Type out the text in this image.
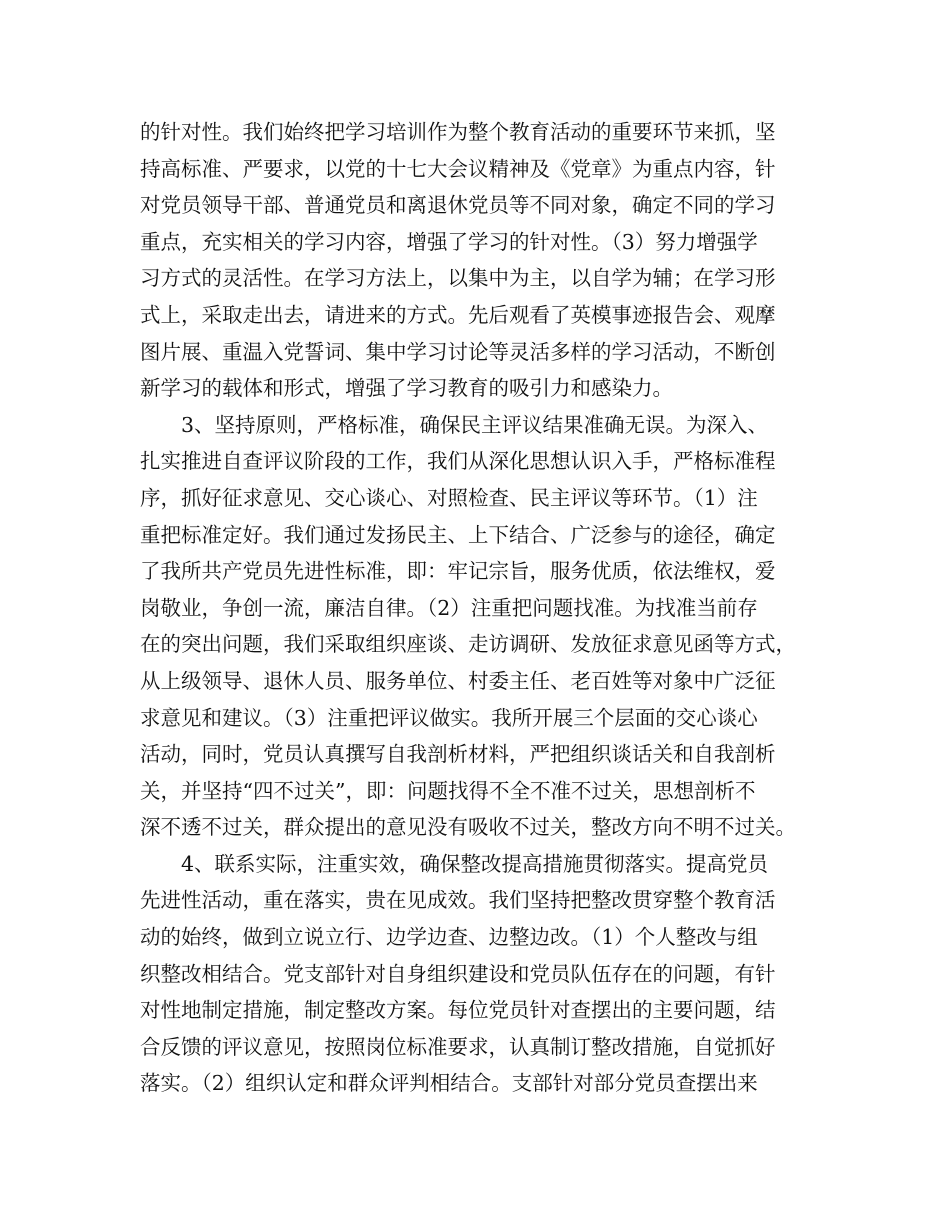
的针对性。我们始终把学习培训作为整个教育活动的重要环节来抓，坚
持高标准、严要求，以党的十七大会议精神及《党章》为重点内容，针
对党员领导干部、普通党员和离退休党员等不同对象，确定不同的学习
重点，充实相关的学习内容，增强了学习的针对性。（3）努力增强学
习方式的灵活性。在学习方法上，以集中为主，以自学为辅；在学习形
式上，采取走出去，请进来的方式。先后观看了英模事迹报告会、观摩
图片展、重温入党誓词、集中学习讨论等灵活多样的学习活动，不断创
新学习的载体和形式，增强了学习教育的吸引力和感染力。
3、坚持原则，严格标准，确保民主评议结果准确无误。为深入、
扎实推进自查评议阶段的工作，我们从深化思想认识入手，严格标准程
序，抓好征求意见、交心谈心、对照检查、民主评议等环节。（1）注
重把标准定好。我们通过发扬民主、上下结合、广泛参与的途径，确定
了我所共产党员先进性标准，即：牢记宗旨，服务优质，依法维权，爱
岗敬业，争创一流，廉洁自律。（2）注重把问题找准。为找准当前存
在的突出问题，我们采取组织座谈、走访调研、发放征求意见函等方式，
从上级领导、退休人员、服务单位、村委主任、老百姓等对象中广泛征
求意见和建议。（3）注重把评议做实。我所开展三个层面的交心谈心
活动，同时，党员认真撰写自我剖析材料，严把组织谈话关和自我剖析
关，并坚持“四不过关”，即：问题找得不全不准不过关，思想剖析不
深不透不过关，群众提出的意见没有吸收不过关，整改方向不明不过关。
4、联系实际，注重实效，确保整改提高措施贯彻落实。提高党员
先进性活动，重在落实，贵在见成效。我们坚持把整改贯穿整个教育活
动的始终，做到立说立行、边学边查、边整边改。（1）个人整改与组
织整改相结合。党支部针对自身组织建设和党员队伍存在的问题，有针
对性地制定措施，制定整改方案。每位党员针对查摆出的主要问题，结
合反馈的评议意见，按照岗位标准要求，认真制订整改措施，自觉抓好
落实。（2）组织认定和群众评判相结合。支部针对部分党员查摆出来
